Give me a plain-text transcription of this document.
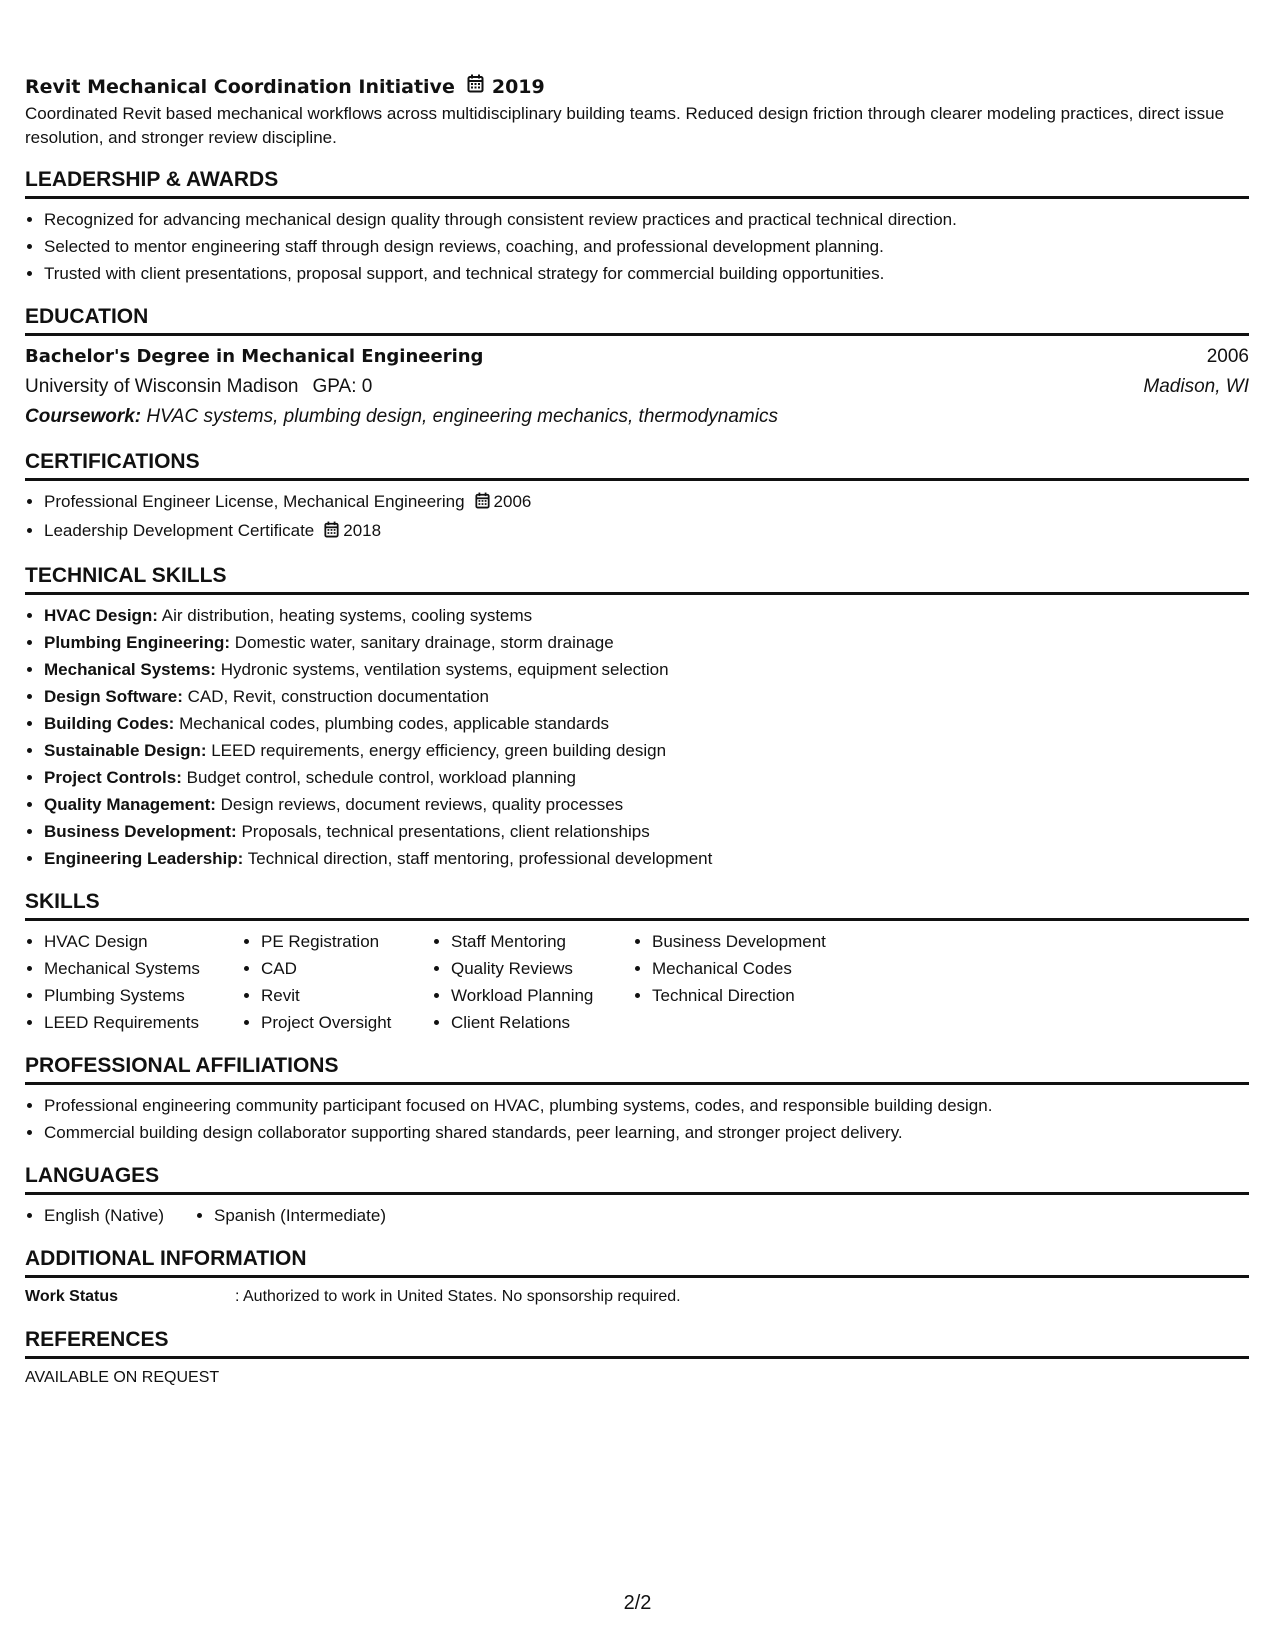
Revit Mechanical Coordination Initiative 2019

Coordinated Revit based mechanical workflows across multidisciplinary building teams. Reduced design friction through clearer modeling practices, direct issue resolution, and stronger review discipline.

LEADERSHIP & AWARDS
• Recognized for advancing mechanical design quality through consistent review practices and practical technical direction.
• Selected to mentor engineering staff through design reviews, coaching, and professional development planning.
• Trusted with client presentations, proposal support, and technical strategy for commercial building opportunities.
EDUCATION
Bachelor's Degree in Mechanical Engineering	2006
University of Wisconsin Madison GPA: 0	Madison, WI
Coursework: HVAC systems, plumbing design, engineering mechanics, thermodynamics
CERTIFICATIONS
• Professional Engineer License, Mechanical Engineering 2006
• Leadership Development Certificate 2018
TECHNICAL SKILLS
• HVAC Design: Air distribution, heating systems, cooling systems
• Plumbing Engineering: Domestic water, sanitary drainage, storm drainage
• Mechanical Systems: Hydronic systems, ventilation systems, equipment selection
• Design Software: CAD, Revit, construction documentation
• Building Codes: Mechanical codes, plumbing codes, applicable standards
• Sustainable Design: LEED requirements, energy efficiency, green building design
• Project Controls: Budget control, schedule control, workload planning
• Quality Management: Design reviews, document reviews, quality processes
• Business Development: Proposals, technical presentations, client relationships
• Engineering Leadership: Technical direction, staff mentoring, professional development
SKILLS
• HVAC Design
• Mechanical Systems
• Plumbing Systems
• LEED Requirements
• PE Registration
• CAD
• Revit
• Project Oversight
• Staff Mentoring
• Quality Reviews
• Workload Planning
• Client Relations
• Business Development
• Mechanical Codes
• Technical Direction
PROFESSIONAL AFFILIATIONS
• Professional engineering community participant focused on HVAC, plumbing systems, codes, and responsible building design.
• Commercial building design collaborator supporting shared standards, peer learning, and stronger project delivery.
LANGUAGES
• English (Native)
•	Spanish (Intermediate)
ADDITIONAL INFORMATION
Work Status	: Authorized to work in United States. No sponsorship required.
REFERENCES
AVAILABLE ON REQUEST
2/2
